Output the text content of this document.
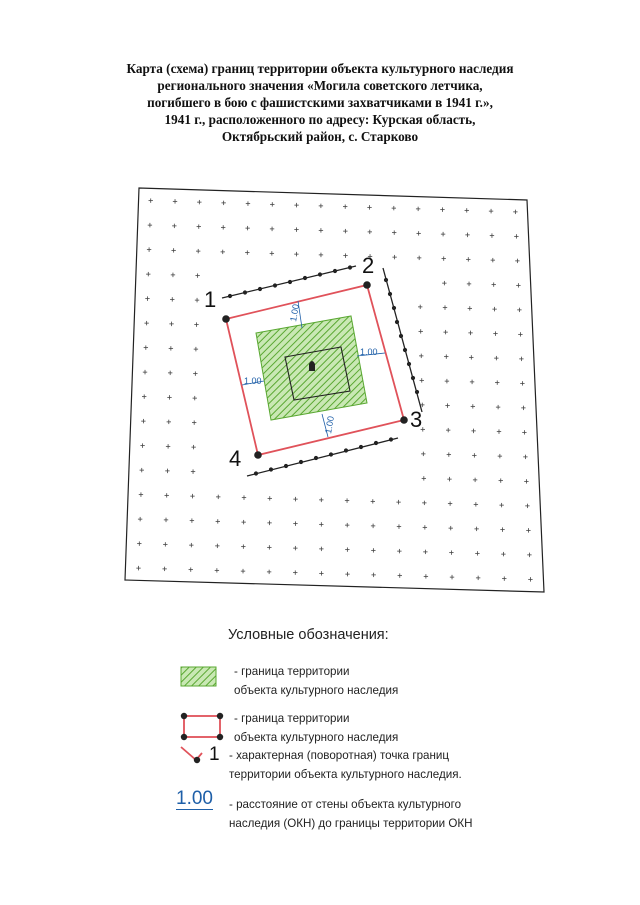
Карта (схема) границ территории объекта культурного наследия
регионального значения «Могила советского летчика,
погибшего в бою с фашистскими захватчиками в 1941 г.»,
1941 г., расположенного по адресу: Курская область,
Октябрьский район, с. Старково
1.00
1.00
1.00
1.00
1
2
3
4
Условные обозначения:
- граница территории
объекта культурного наследия
- граница территории
объекта культурного наследия
1 - характерная (поворотная) точка границ
территории объекта культурного наследия.
1.00 - расстояние от стены объекта культурного
наследия (ОКН) до границы территории ОКН
